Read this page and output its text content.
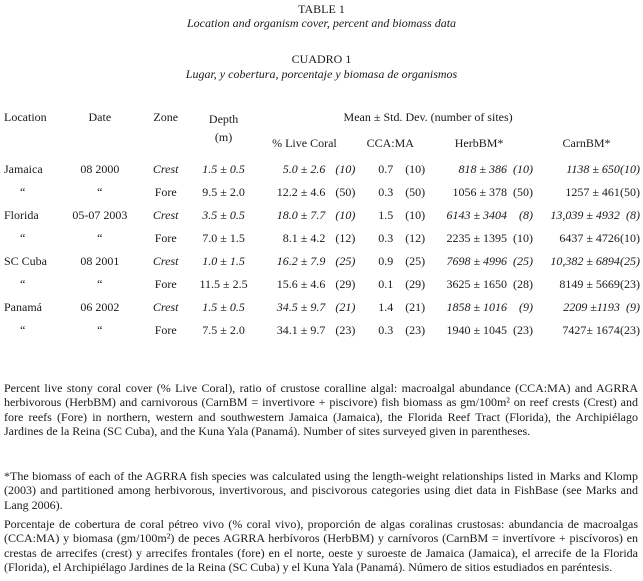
TABLE 1
Location and organism cover, percent and biomass data
CUADRO 1
Lugar, y cobertura, porcentaje y biomasa de organismos
Location	Date	Zone	Depth
(m)	Mean ± Std. Dev. (number of sites)							
				% Live Coral		CCA:MA		HerbBM*		CarnBM*	

Jamaica	08 2000	Crest	1.5 ± 0.5	5.0 ± 2.6	(10)	0.7	(10)	818 ± 386	(10)	1138 ± 650	(10)
“	“	Fore	9.5 ± 2.0	12.2 ± 4.6	(50)	0.3	(50)	1056 ± 378	(50)	1257 ± 461	(50)
Florida	05-07 2003	Crest	3.5 ± 0.5	18.0 ± 7.7	(10)	1.5	(10)	6143 ± 3404	(8)	13,039 ± 4932	(8)
“	“	Fore	7.0 ± 1.5	8.1 ± 4.2	(12)	0.3	(12)	2235 ± 1395	(10)	6437 ± 4726	(10)
SC Cuba	08 2001	Crest	1.0 ± 1.5	16.2 ± 7.9	(25)	0.9	(25)	7698 ± 4996	(25)	10,382 ± 6894	(25)
“	“	Fore	11.5 ± 2.5	15.6 ± 4.6	(29)	0.1	(29)	3625 ± 1650	(28)	8149 ± 5669	(23)
Panamá	06 2002	Crest	1.5 ± 0.5	34.5 ± 9.7	(21)	1.4	(21)	1858 ± 1016	(9)	2209 ±1193	(9)
“	“	Fore	7.5 ± 2.0	34.1 ± 9.7	(23)	0.3	(23)	1940 ± 1045	(23)	7427± 1674	(23)

Percent live stony coral cover (% Live Coral), ratio of crustose coralline algal: macroalgal abundance (CCA:MA) and AGRRA herbivorous (HerbBM) and carnivorous (CarnBM = invertivore + piscivore) fish biomass as gm/100m² on reef crests (Crest) and fore reefs (Fore) in northern, western and southwestern Jamaica (Jamaica), the Florida Reef Tract (Florida), the Archipiélago Jardines de la Reina (SC Cuba), and the Kuna Yala (Panamá). Number of sites surveyed given in parentheses.

*The biomass of each of the AGRRA fish species was calculated using the length-weight relationships listed in Marks and Klomp (2003) and partitioned among herbivorous, invertivorous, and piscivorous categories using diet data in FishBase (see Marks and Lang 2006).

Porcentaje de cobertura de coral pétreo vivo (% coral vivo), proporción de algas coralinas crustosas: abundancia de macroalgas (CCA:MA) y biomasa (gm/100m²) de peces AGRRA herbívoros (HerbBM) y carnívoros (CarnBM = invertívore + piscívoros) en crestas de arrecifes (crest) y arrecifes frontales (fore) en el norte, oeste y suroeste de Jamaica (Jamaica), el arrecife de la Florida (Florida), el Archipiélago Jardines de la Reina (SC Cuba) y el Kuna Yala (Panamá). Número de sitios estudiados en paréntesis.
